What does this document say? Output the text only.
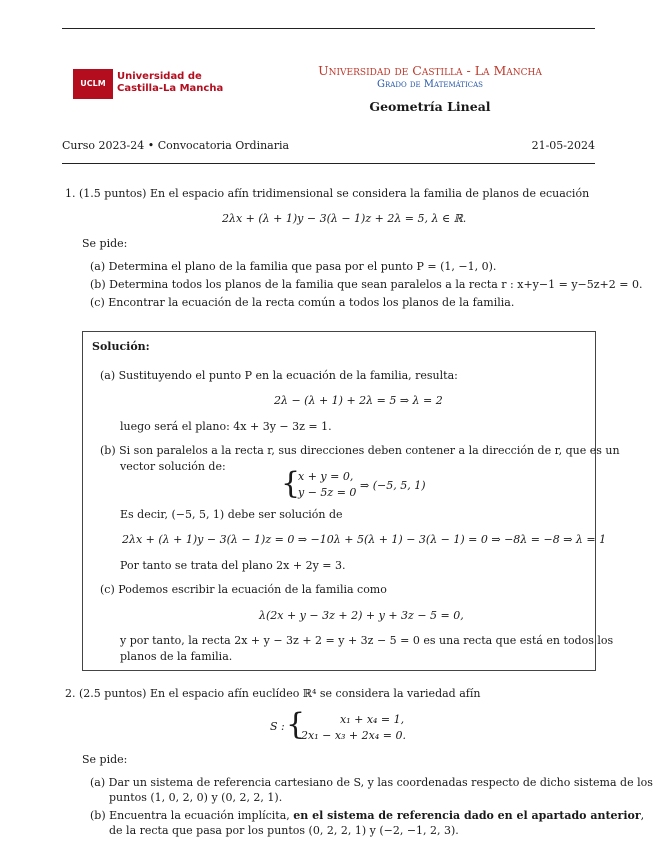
UCLM
Universidad de Castilla-La Mancha
Universidad de Castilla - La Mancha
Grado de Matemáticas
Geometría Lineal
Curso 2023-24 • Convocatoria Ordinaria	21-05-2024
1. (1.5 puntos) En el espacio afín tridimensional se considera la familia de planos de ecuación
2λx + (λ + 1)y − 3(λ − 1)z + 2λ = 5, λ ∈ ℝ.
Se pide:
(a) Determina el plano de la familia que pasa por el punto P = (1, −1, 0).
(b) Determina todos los planos de la familia que sean paralelos a la recta r : x+y−1 = y−5z+2 = 0.
(c) Encontrar la ecuación de la recta común a todos los planos de la familia.
Solución:
(a) Sustituyendo el punto P en la ecuación de la familia, resulta:
2λ − (λ + 1) + 2λ = 5 ⇒ λ = 2
luego será el plano: 4x + 3y − 3z = 1.
(b) Si son paralelos a la recta r, sus direcciones deben contener a la dirección de r, que es un
vector solución de: {
x + y = 0,
y − 5z = 0
⇒ (−5, 5, 1)
Es decir, (−5, 5, 1) debe ser solución de
2λx + (λ + 1)y − 3(λ − 1)z = 0 ⇒ −10λ + 5(λ + 1) − 3(λ − 1) = 0 ⇒ −8λ = −8 ⇒ λ = 1
Por tanto se trata del plano 2x + 2y = 3.
(c) Podemos escribir la ecuación de la familia como
λ(2x + y − 3z + 2) + y + 3z − 5 = 0,
y por tanto, la recta 2x + y − 3z + 2 = y + 3z − 5 = 0 es una recta que está en todos los
planos de la familia.
2. (2.5 puntos) En el espacio afín euclídeo ℝ⁴ se considera la variedad afín
S : {	x₁ + x₄ = 1,
2x₁ − x₃ + 2x₄ = 0.
Se pide:
(a) Dar un sistema de referencia cartesiano de S, y las coordenadas respecto de dicho sistema de los
puntos (1, 0, 2, 0) y (0, 2, 2, 1).
(b) Encuentra la ecuación implícita, en el sistema de referencia dado en el apartado anterior,
de la recta que pasa por los puntos (0, 2, 2, 1) y (−2, −1, 2, 3).
